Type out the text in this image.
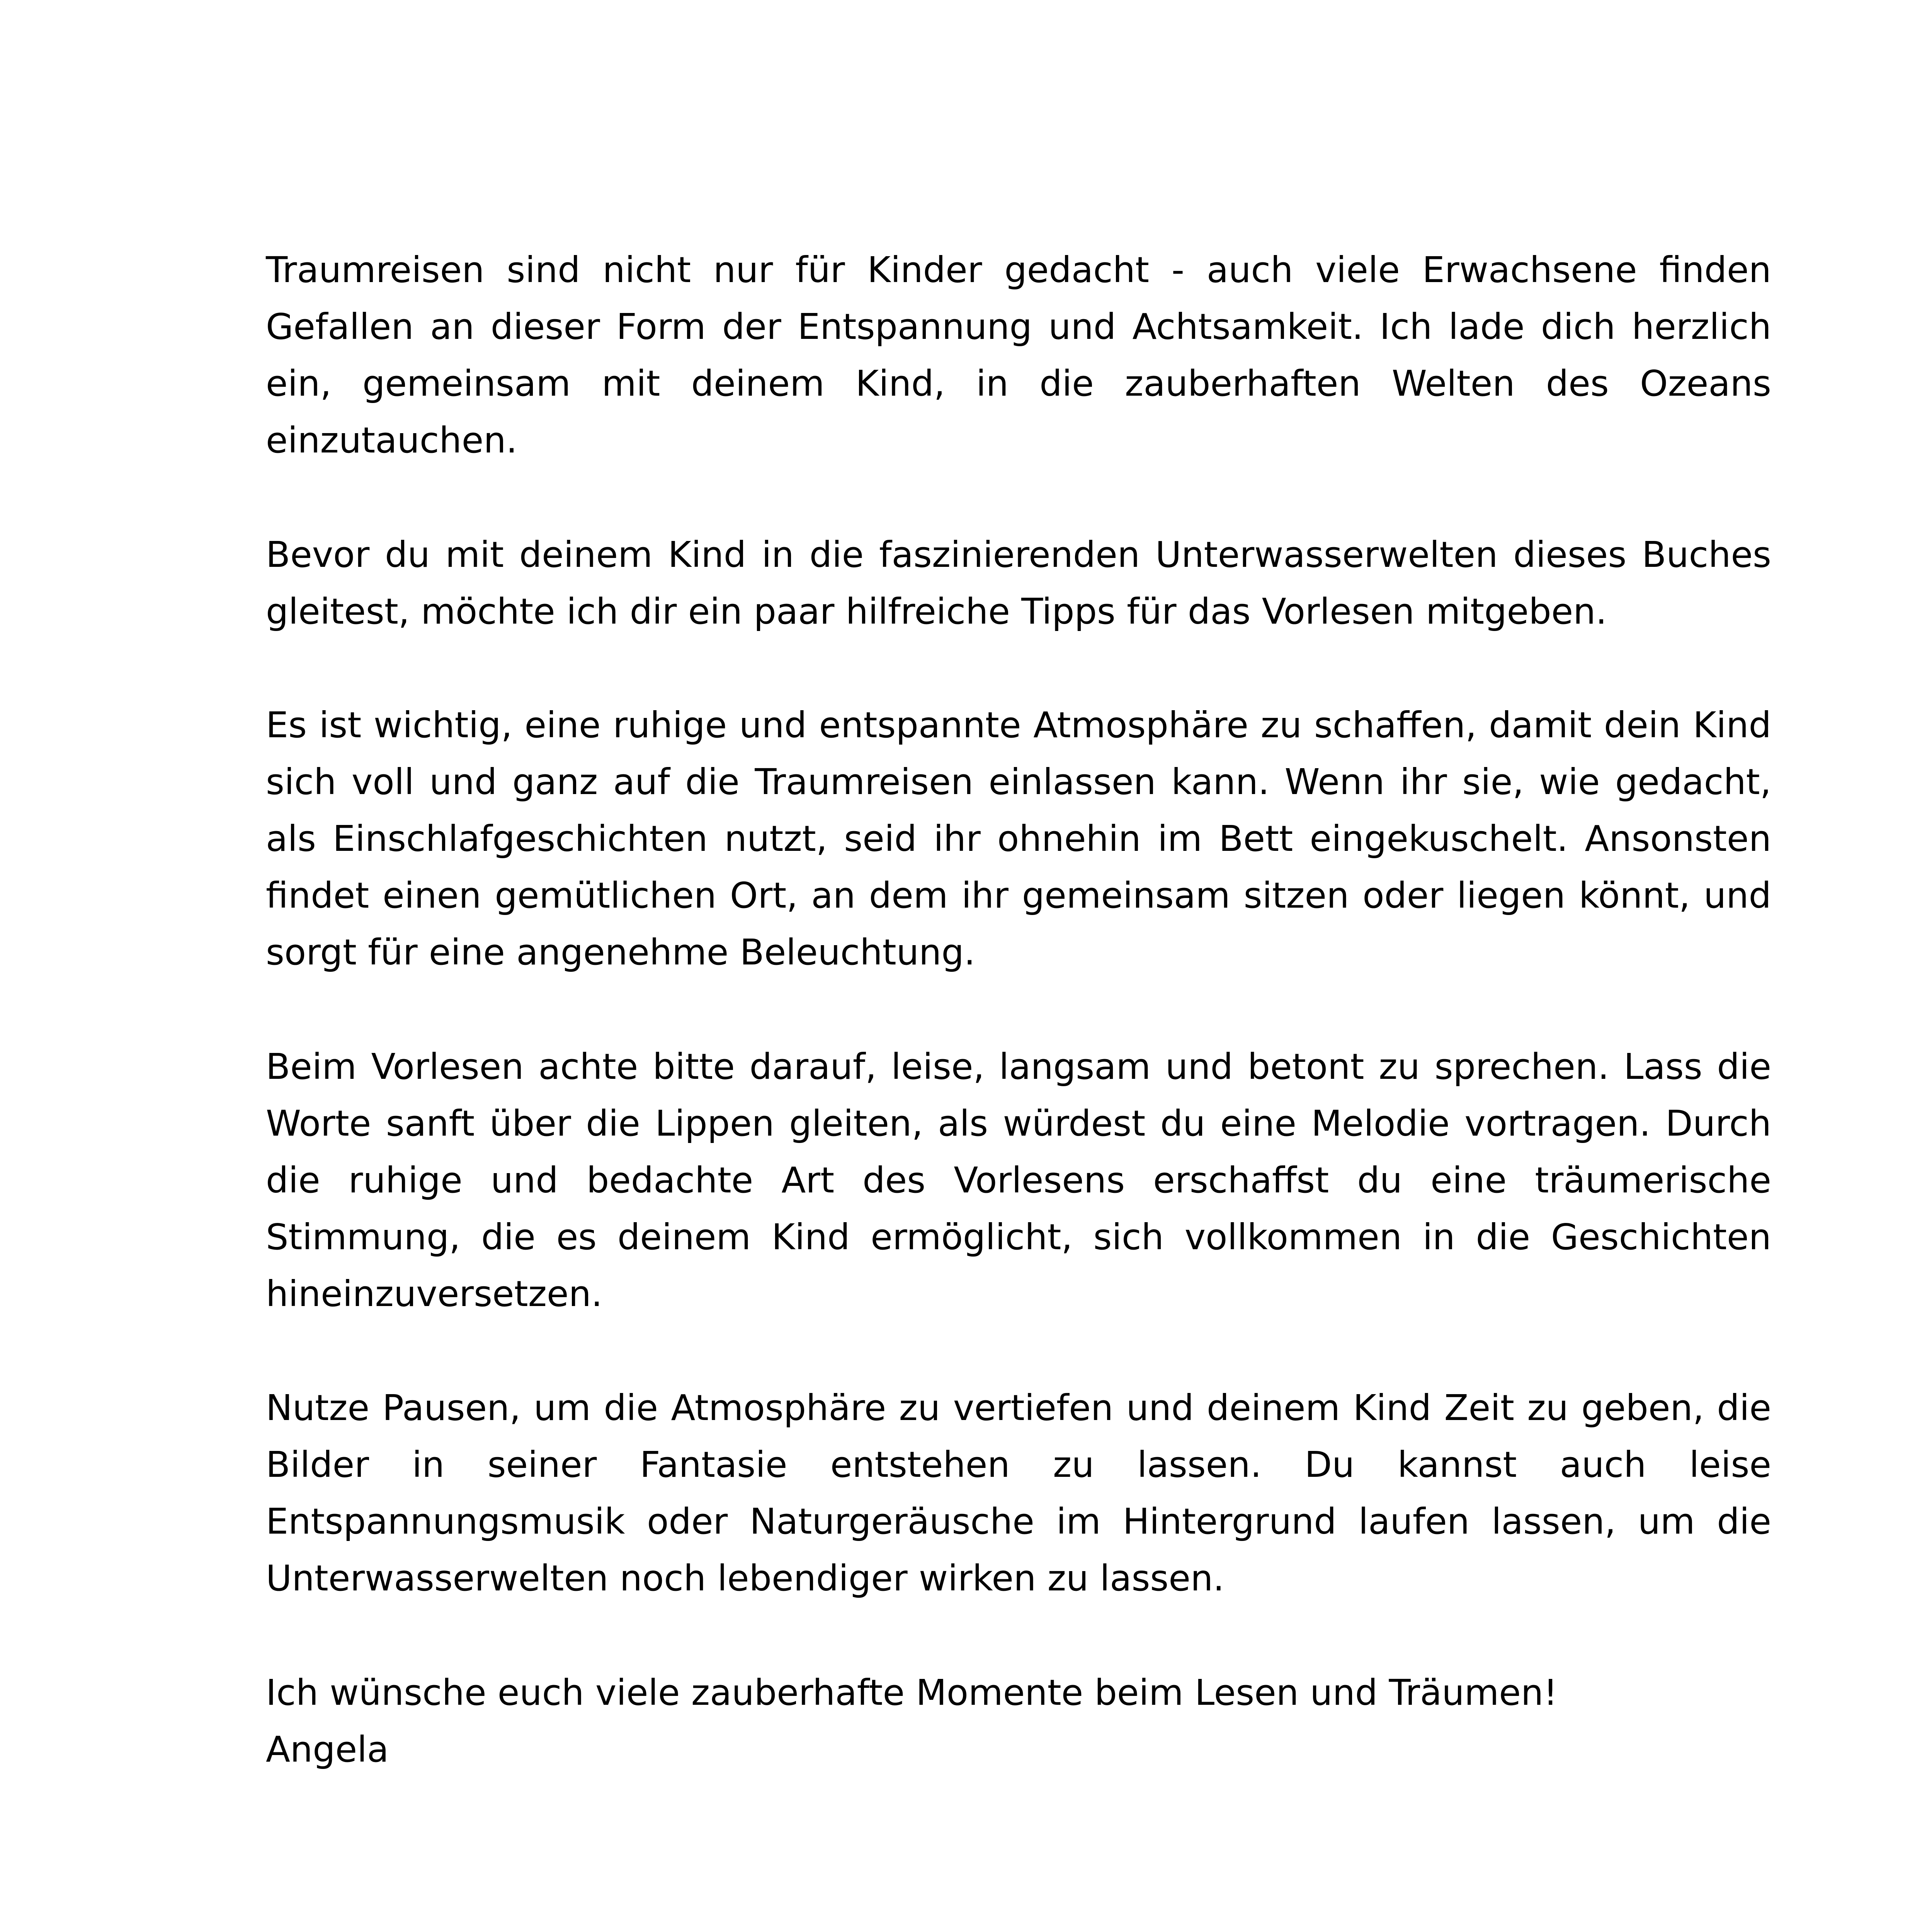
Traumreisen sind nicht nur für Kinder gedacht - auch viele Erwachsene finden Gefallen an dieser Form der Entspannung und Achtsamkeit. Ich lade dich herzlich ein, gemeinsam mit deinem Kind, in die zauberhaften Welten des Ozeans einzutauchen.

Bevor du mit deinem Kind in die faszinierenden Unterwasserwelten dieses Buches gleitest, möchte ich dir ein paar hilfreiche Tipps für das Vorlesen mitgeben.

Es ist wichtig, eine ruhige und entspannte Atmosphäre zu schaffen, damit dein Kind sich voll und ganz auf die Traumreisen einlassen kann. Wenn ihr sie, wie gedacht, als Einschlafgeschichten nutzt, seid ihr ohnehin im Bett eingekuschelt. Ansonsten findet einen gemütlichen Ort, an dem ihr gemeinsam sitzen oder liegen könnt, und sorgt für eine angenehme Beleuchtung.

Beim Vorlesen achte bitte darauf, leise, langsam und betont zu sprechen. Lass die Worte sanft über die Lippen gleiten, als würdest du eine Melodie vortragen. Durch die ruhige und bedachte Art des Vorlesens erschaffst du eine träumerische Stimmung, die es deinem Kind ermöglicht, sich vollkommen in die Geschichten hineinzuversetzen.

Nutze Pausen, um die Atmosphäre zu vertiefen und deinem Kind Zeit zu geben, die Bilder in seiner Fantasie entstehen zu lassen. Du kannst auch leise Entspannungsmusik oder Naturgeräusche im Hintergrund laufen lassen, um die Unterwasserwelten noch lebendiger wirken zu lassen.

Ich wünsche euch viele zauberhafte Momente beim Lesen und Träumen!

Angela
